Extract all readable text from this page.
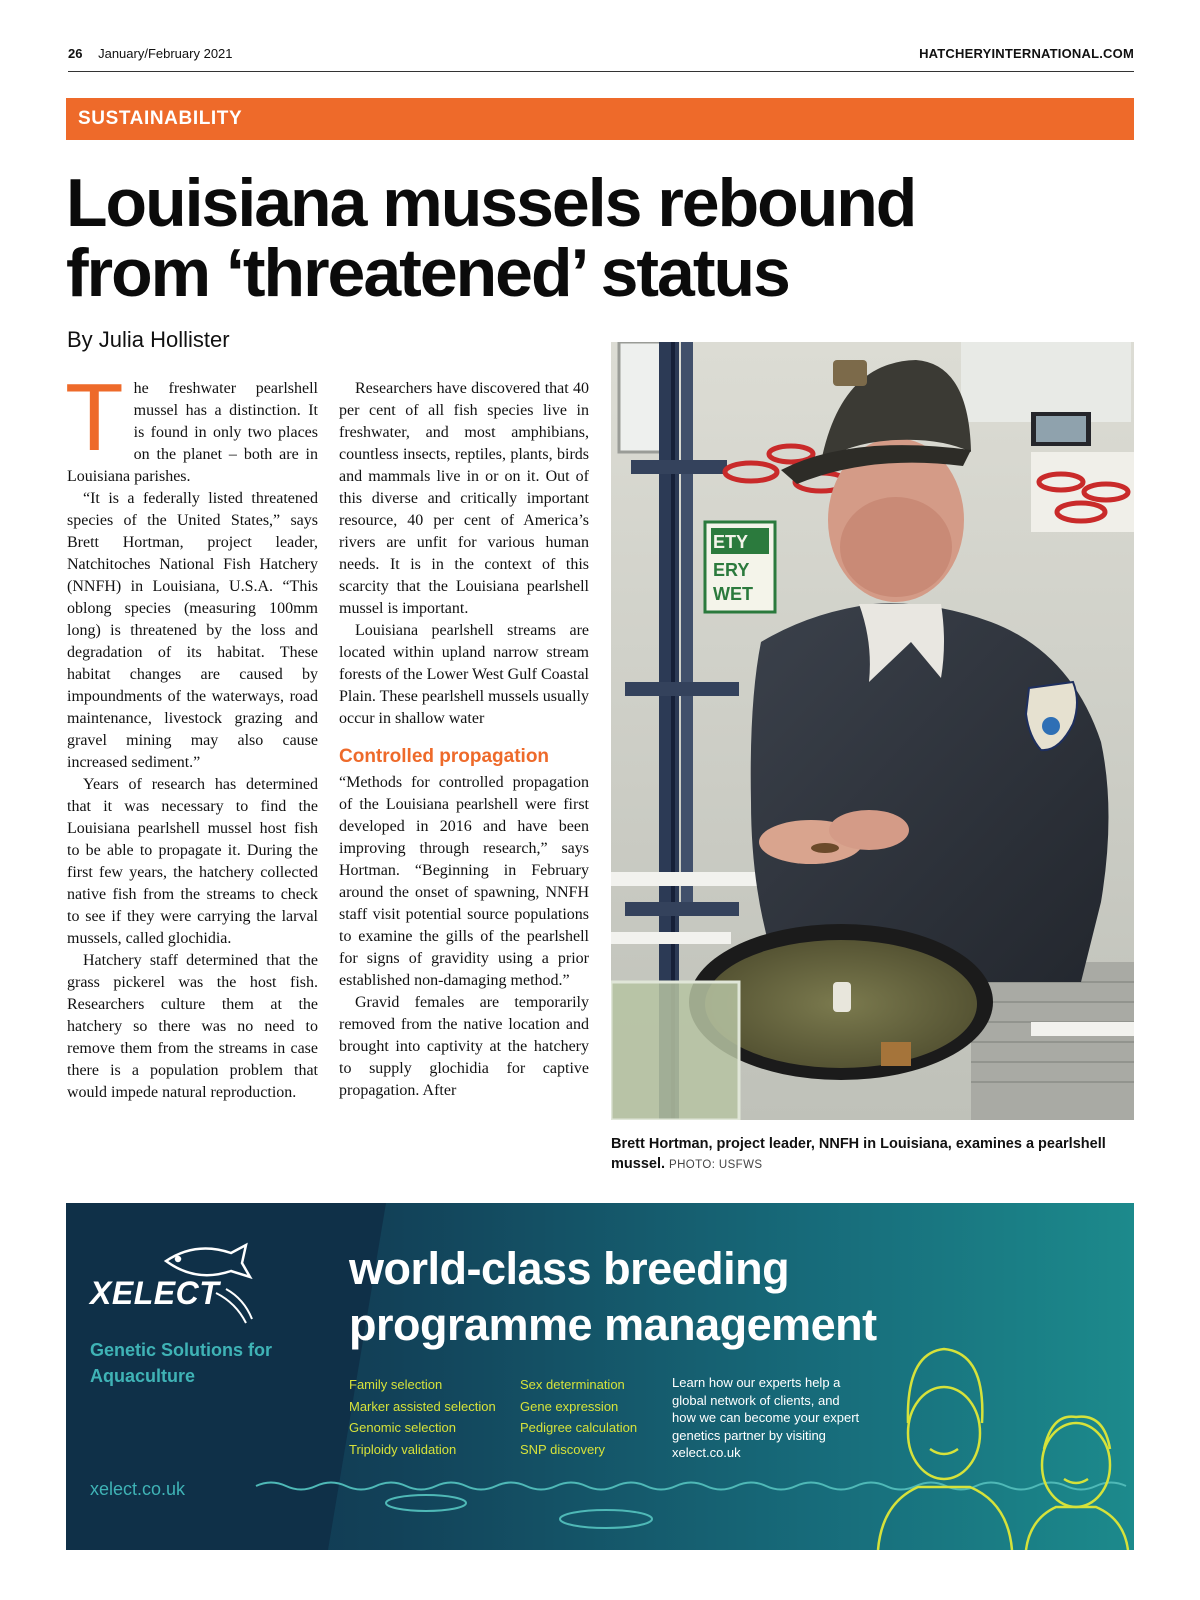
26 January/February 2021	HATCHERYINTERNATIONAL.COM
SUSTAINABILITY
Louisiana mussels rebound
from ‘threatened’ status
By Julia Hollister

The freshwater pearlshell mussel has a distinction. It is found in only two places on the planet – both are in Louisiana parishes.

“It is a federally listed threatened species of the United States,” says Brett Hortman, project leader, Natchitoches National Fish Hatchery (NNFH) in Louisiana, U.S.A. “This oblong species (measuring 100mm long) is threatened by the loss and degradation of its habitat. These habitat changes are caused by impoundments of the waterways, road maintenance, livestock grazing and gravel mining may also cause increased sediment.”

Years of research has determined that it was necessary to find the Louisiana pearlshell mussel host fish to be able to propagate it. During the first few years, the hatchery collected native fish from the streams to check to see if they were carrying the larval mussels, called glochidia.

Hatchery staff determined that the grass pickerel was the host fish. Researchers culture them at the hatchery so there was no need to remove them from the streams in case there is a population problem that would impede natural reproduction.

Researchers have discovered that 40 per cent of all fish species live in freshwater, and most amphibians, countless insects, reptiles, plants, birds and mammals live in or on it. Out of this diverse and critically important resource, 40 per cent of America’s rivers are unfit for various human needs. It is in the context of this scarcity that the Louisiana pearlshell mussel is important.

Louisiana pearlshell streams are located within upland narrow stream forests of the Lower West Gulf Coastal Plain. These pearlshell mussels usually occur in shallow water

Controlled propagation

“Methods for controlled propagation of the Louisiana pearlshell were first developed in 2016 and have been improving through research,” says Hortman. “Beginning in February around the onset of spawning, NNFH staff visit potential source populations to examine the gills of the pearlshell for signs of gravidity using a prior established non-damaging method.”

Gravid females are temporarily removed from the native location and brought into captivity at the hatchery to supply glochidia for captive propagation. After

ETY
ERY
WET
Brett Hortman, project leader, NNFH in Louisiana, examines a pearlshell mussel. PHOTO: USFWS
XELECT
Genetic Solutions for Aquaculture
xelect.co.uk
world-class breeding
programme management
Family selection
Marker assisted selection
Genomic selection
Triploidy validation
Sex determination
Gene expression
Pedigree calculation
SNP discovery
Learn how our experts help a global network of clients, and how we can become your expert genetics partner by visiting xelect.co.uk
